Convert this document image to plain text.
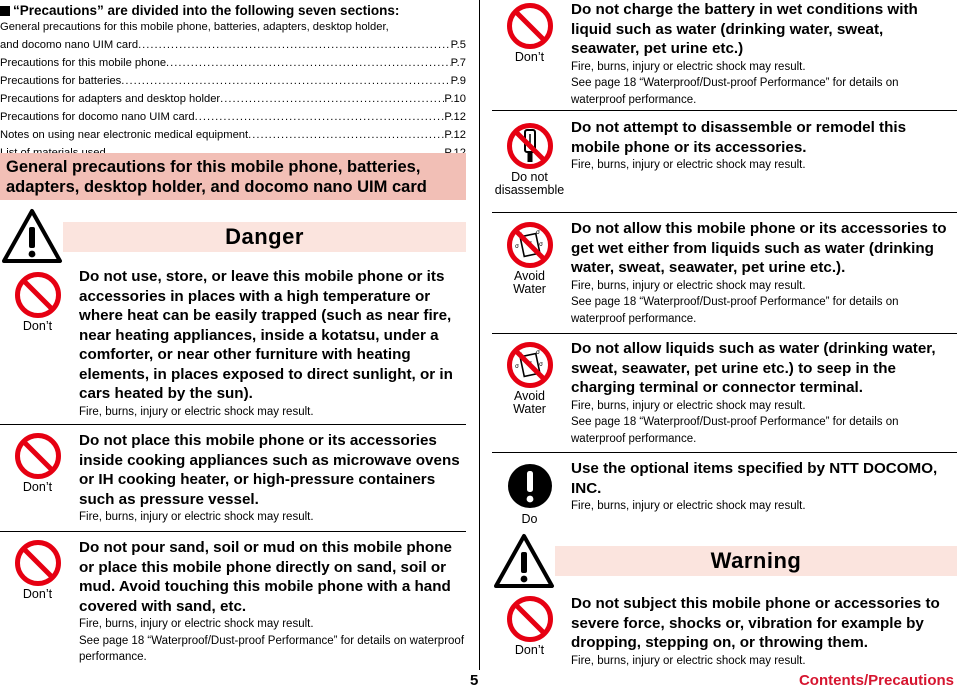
“Precautions” are divided into the following seven sections:
General precautions for this mobile phone, batteries, adapters, desktop holder,
and docomo nano UIM card .....	P.5
Precautions for this mobile phone .....	P.7
Precautions for batteries .....	P.9
Precautions for adapters and desktop holder .....	P.10
Precautions for docomo nano UIM card .....	P.12
Notes on using near electronic medical equipment .....	P.12
.....
General precautions for this mobile phone, batteries,
adapters, desktop holder, and docomo nano UIM card
Danger
Don’t
Do not use, store, or leave this mobile phone or its accessories in places with a high temperature or where heat can be easily trapped (such as near fire, near heating appliances, inside a kotatsu, under a comforter, or near other furniture with heating elements, in places exposed to direct sunlight, or in cars heated by the sun).
Fire, burns, injury or electric shock may result.
Don’t
Do not place this mobile phone or its accessories inside cooking appliances such as microwave ovens or IH cooking heater, or high-pressure containers such as pressure vessel.
Fire, burns, injury or electric shock may result.
Don’t
Do not pour sand, soil or mud on this mobile phone or place this mobile phone directly on sand, soil or mud. Avoid touching this mobile phone with a hand covered with sand, etc.
Fire, burns, injury or electric shock may result.
See page 18 “Waterproof/Dust-proof Performance” for details on waterproof performance.
Don’t
Do not charge the battery in wet conditions with liquid such as water (drinking water, sweat, seawater, pet urine etc.)
Fire, burns, injury or electric shock may result.
See page 18 “Waterproof/Dust-proof Performance” for details on waterproof performance.
Do not
disassemble
Do not attempt to disassemble or remodel this mobile phone or its accessories.
Fire, burns, injury or electric shock may result.
σ
σ	σ
Avoid
Water
Do not allow this mobile phone or its accessories to get wet either from liquids such as water (drinking water, sweat, seawater, pet urine etc.).
Fire, burns, injury or electric shock may result.
See page 18 “Waterproof/Dust-proof Performance” for details on waterproof performance.
σ
σ	σ
Avoid
Water
Do not allow liquids such as water (drinking water, sweat, seawater, pet urine etc.) to seep in the charging terminal or connector terminal.
Fire, burns, injury or electric shock may result.
See page 18 “Waterproof/Dust-proof Performance” for details on waterproof performance.
Do
Use the optional items specified by NTT DOCOMO, INC.
Fire, burns, injury or electric shock may result.
Warning
Don’t
Do not subject this mobile phone or accessories to severe force, shocks or, vibration for example by dropping, stepping on, or throwing them.
Fire, burns, injury or electric shock may result.
5	Contents/Precautions
